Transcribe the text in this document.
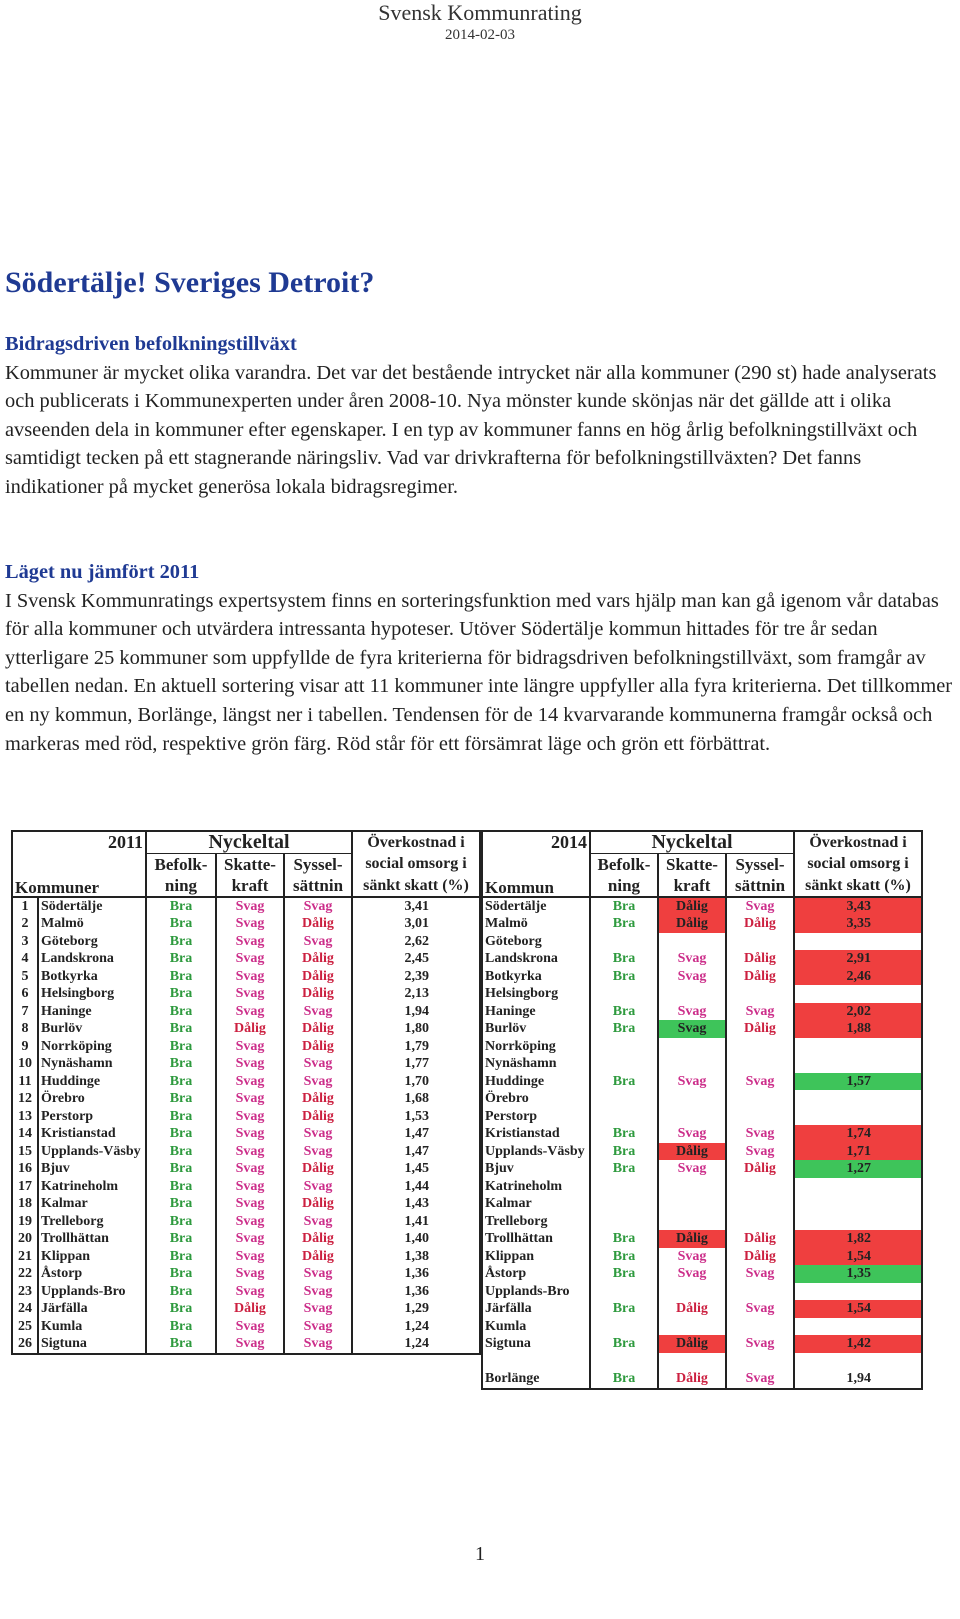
Svensk Kommunrating
2014-02-03
Södertälje! Sveriges Detroit?

Bidragsdriven befolkningstillväxt

Kommuner är mycket olika varandra. Det var det bestående intrycket när alla kommuner (290 st) hade analyserats och publicerats i Kommunexperten under åren 2008-10. Nya mönster kunde skönjas när det gällde att i olika avseenden dela in kommuner efter egenskaper. I en typ av kommuner fanns en hög årlig befolkningstillväxt och samtidigt tecken på ett stagnerande näringsliv. Vad var drivkrafterna för befolkningstillväxten? Det fanns indikationer på mycket generösa lokala bidragsregimer.

Läget nu jämfört 2011

I Svensk Kommunratings expertsystem finns en sorteringsfunktion med vars hjälp man kan gå igenom vår databas för alla kommuner och utvärdera intressanta hypoteser. Utöver Södertälje kommun hittades för tre år sedan ytterligare 25 kommuner som uppfyllde de fyra kriterierna för bidragsdriven befolkningstillväxt, som framgår av tabellen nedan. En aktuell sortering visar att 11 kommuner inte längre uppfyller alla fyra kriterierna. Det tillkommer en ny kommun, Borlänge, längst ner i tabellen. Tendensen för de 14 kvarvarande kommunerna framgår också och markeras med röd, respektive grön färg. Röd står för ett försämrat läge och grön ett förbättrat.

2011		Nyckeltal			Överkostnad i
		Befolk-	Skatte-	Syssel-	social omsorg i
Kommuner		ning	kraft	sättnin	sänkt skatt (%)
1	Södertälje	Bra	Svag	Svag	3,41
2	Malmö	Bra	Svag	Dålig	3,01
3	Göteborg	Bra	Svag	Svag	2,62
4	Landskrona	Bra	Svag	Dålig	2,45
5	Botkyrka	Bra	Svag	Dålig	2,39
6	Helsingborg	Bra	Svag	Dålig	2,13
7	Haninge	Bra	Svag	Svag	1,94
8	Burlöv	Bra	Dålig	Dålig	1,80
9	Norrköping	Bra	Svag	Dålig	1,79
10	Nynäshamn	Bra	Svag	Svag	1,77
11	Huddinge	Bra	Svag	Svag	1,70
12	Örebro	Bra	Svag	Dålig	1,68
13	Perstorp	Bra	Svag	Dålig	1,53
14	Kristianstad	Bra	Svag	Svag	1,47
15	Upplands-Väsby	Bra	Svag	Svag	1,47
16	Bjuv	Bra	Svag	Dålig	1,45
17	Katrineholm	Bra	Svag	Svag	1,44
18	Kalmar	Bra	Svag	Dålig	1,43
19	Trelleborg	Bra	Svag	Svag	1,41
20	Trollhättan	Bra	Svag	Dålig	1,40
21	Klippan	Bra	Svag	Dålig	1,38
22	Åstorp	Bra	Svag	Svag	1,36
23	Upplands-Bro	Bra	Svag	Svag	1,36
24	Järfälla	Bra	Dålig	Svag	1,29
25	Kumla	Bra	Svag	Svag	1,24
26	Sigtuna	Bra	Svag	Svag	1,24
2014	Nyckeltal			Överkostnad i
	Befolk-	Skatte-	Syssel-	social omsorg i
Kommun	ning	kraft	sättnin	sänkt skatt (%)
Södertälje	Bra	Dålig	Svag	3,43
Malmö	Bra	Dålig	Dålig	3,35
Göteborg				
Landskrona	Bra	Svag	Dålig	2,91
Botkyrka	Bra	Svag	Dålig	2,46
Helsingborg				
Haninge	Bra	Svag	Svag	2,02
Burlöv	Bra	Svag	Dålig	1,88
Norrköping				
Nynäshamn				
Huddinge	Bra	Svag	Svag	1,57
Örebro				
Perstorp				
Kristianstad	Bra	Svag	Svag	1,74
Upplands-Väsby	Bra	Dålig	Svag	1,71
Bjuv	Bra	Svag	Dålig	1,27
Katrineholm				
Kalmar				
Trelleborg				
Trollhättan	Bra	Dålig	Dålig	1,82
Klippan	Bra	Svag	Dålig	1,54
Åstorp	Bra	Svag	Svag	1,35
Upplands-Bro				
Järfälla	Bra	Dålig	Svag	1,54
Kumla				
Sigtuna	Bra	Dålig	Svag	1,42

Borlänge	Bra	Dålig	Svag	1,94
1
